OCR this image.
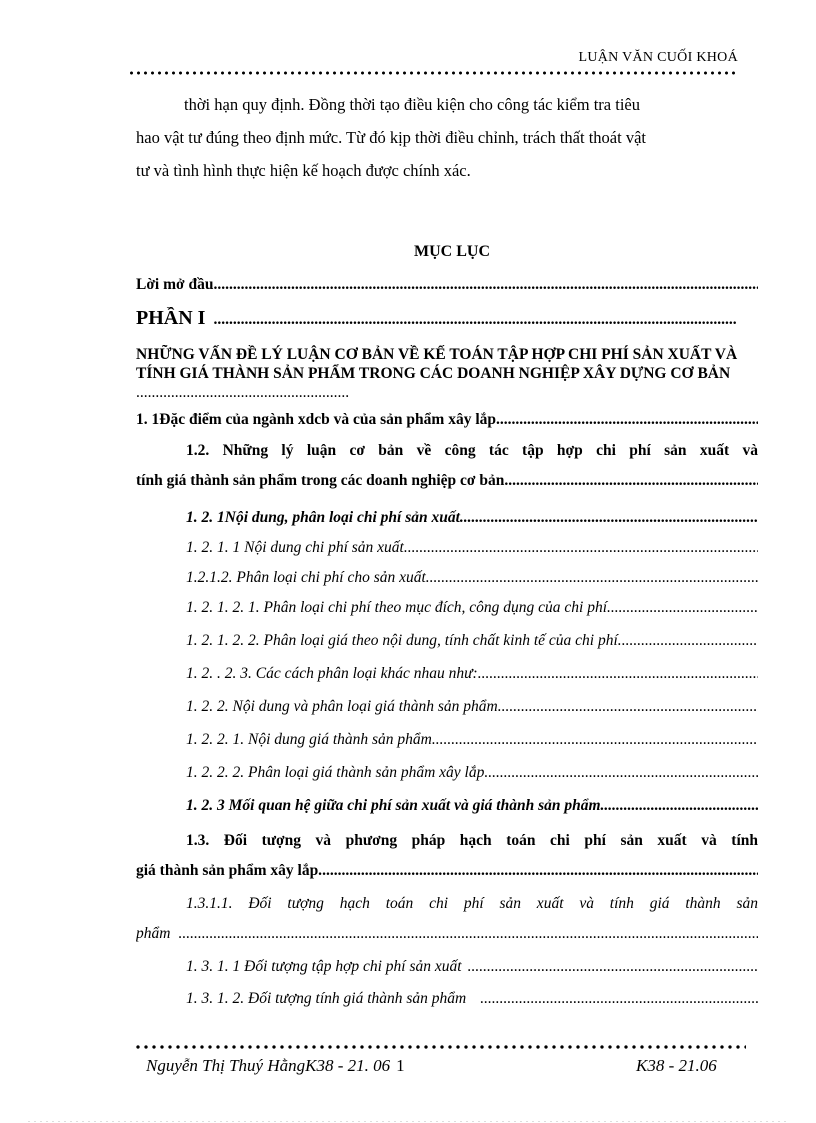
LUẬN VĂN CUỐI KHOÁ
thời hạn quy định. Đồng thời tạo điều kiện cho công tác kiểm tra tiêu
hao vật tư đúng theo định mức. Từ đó kịp thời điều chỉnh, trách thất thoát vật
tư và tình hình thực hiện kế hoạch được chính xác.
MỤC LỤC
Lời mở đầu
.....
PHẦN I
.....
NHỮNG VẤN ĐỀ LÝ LUẬN CƠ BẢN VỀ KẾ TOÁN TẬP HỢP CHI PHÍ SẢN XUẤT VÀ TÍNH GIÁ THÀNH SẢN PHẨM TRONG CÁC DOANH NGHIỆP XÂY DỰNG CƠ BẢN .......................................................
1. 1Đặc điểm của ngành xdcb và của sản phẩm xây lắp.
.....
1.2. Những lý luận cơ bản về công tác tập hợp chi phí sản xuất và
tính giá thành sản phẩm trong các doanh nghiệp cơ bản.
.....
1. 2. 1Nội dung, phân loại chi phí sản xuất.
.....
1. 2. 1. 1 Nội dung chi phí sản xuất
.....
1.2.1.2. Phân loại chi phí cho sản xuất.
.....
1. 2. 1. 2. 1. Phân loại chi phí theo mục đích, công dụng của chi phí.
.....
1. 2. 1. 2. 2. Phân loại giá theo nội dung, tính chất kinh tế của chi phí.
.....
1. 2. . 2. 3. Các cách phân loại khác nhau như:
.....
1. 2. 2. Nội dung và phân loại giá thành sản phẩm.
.....
1. 2. 2. 1. Nội dung giá thành sản phẩm.
.....
1. 2. 2. 2. Phân loại giá thành sản phẩm xây lắp
.....
1. 2. 3 Mối quan hệ giữa chi phí sản xuất và giá thành sản phẩm.
.....
1.3. Đối tượng và phương pháp hạch toán chi phí sản xuất và tính
giá thành sản phẩm xây lắp.
.....
1.3.1.1. Đối tượng hạch toán chi phí sản xuất và tính giá thành sản
phẩm
.....
1. 3. 1. 1 Đối tượng tập hợp chi phí sản xuất
.....
1. 3. 1. 2. Đối tượng tính giá thành sản phẩm
.....
Nguyễn Thị Thuý HằngK38 - 21. 06 1	K38 - 21.06
